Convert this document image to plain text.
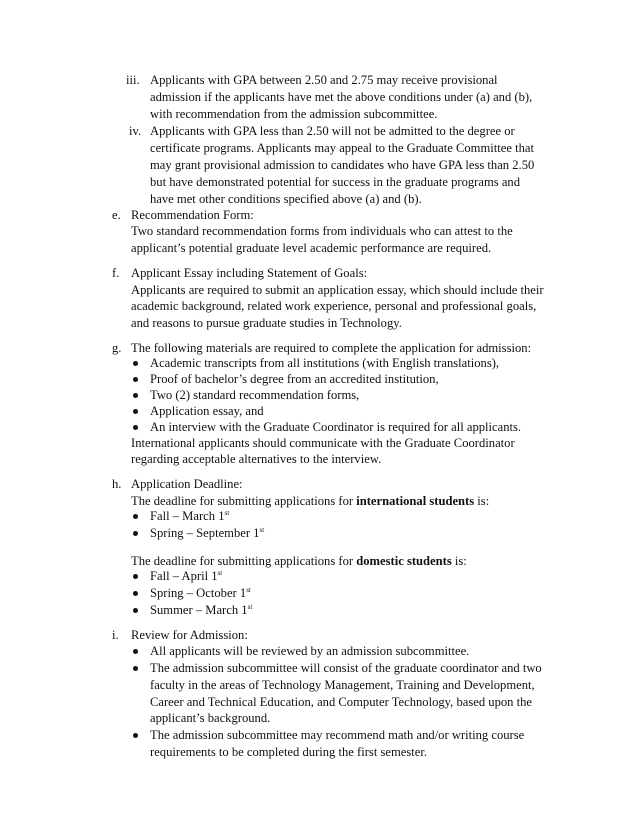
iii. Applicants with GPA between 2.50 and 2.75 may receive provisional
admission if the applicants have met the above conditions under (a) and (b),
with recommendation from the admission subcommittee.
iv. Applicants with GPA less than 2.50 will not be admitted to the degree or
certificate programs. Applicants may appeal to the Graduate Committee that
may grant provisional admission to candidates who have GPA less than 2.50
but have demonstrated potential for success in the graduate programs and
have met other conditions specified above (a) and (b).
e. Recommendation Form:
Two standard recommendation forms from individuals who can attest to the
applicant’s potential graduate level academic performance are required.
f. Applicant Essay including Statement of Goals:
Applicants are required to submit an application essay, which should include their
academic background, related work experience, personal and professional goals,
and reasons to pursue graduate studies in Technology.
g. The following materials are required to complete the application for admission:
Academic transcripts from all institutions (with English translations),
Proof of bachelor’s degree from an accredited institution,
Two (2) standard recommendation forms,
Application essay, and
An interview with the Graduate Coordinator is required for all applicants.
International applicants should communicate with the Graduate Coordinator
regarding acceptable alternatives to the interview.
h. Application Deadline:
The deadline for submitting applications for international students is:
Fall – March 1st
Spring – September 1st
The deadline for submitting applications for domestic students is:
Fall – April 1st
Spring – October 1st
Summer – March 1st
i. Review for Admission:
All applicants will be reviewed by an admission subcommittee.
The admission subcommittee will consist of the graduate coordinator and two
faculty in the areas of Technology Management, Training and Development,
Career and Technical Education, and Computer Technology, based upon the
applicant’s background.
The admission subcommittee may recommend math and/or writing course
requirements to be completed during the first semester.
